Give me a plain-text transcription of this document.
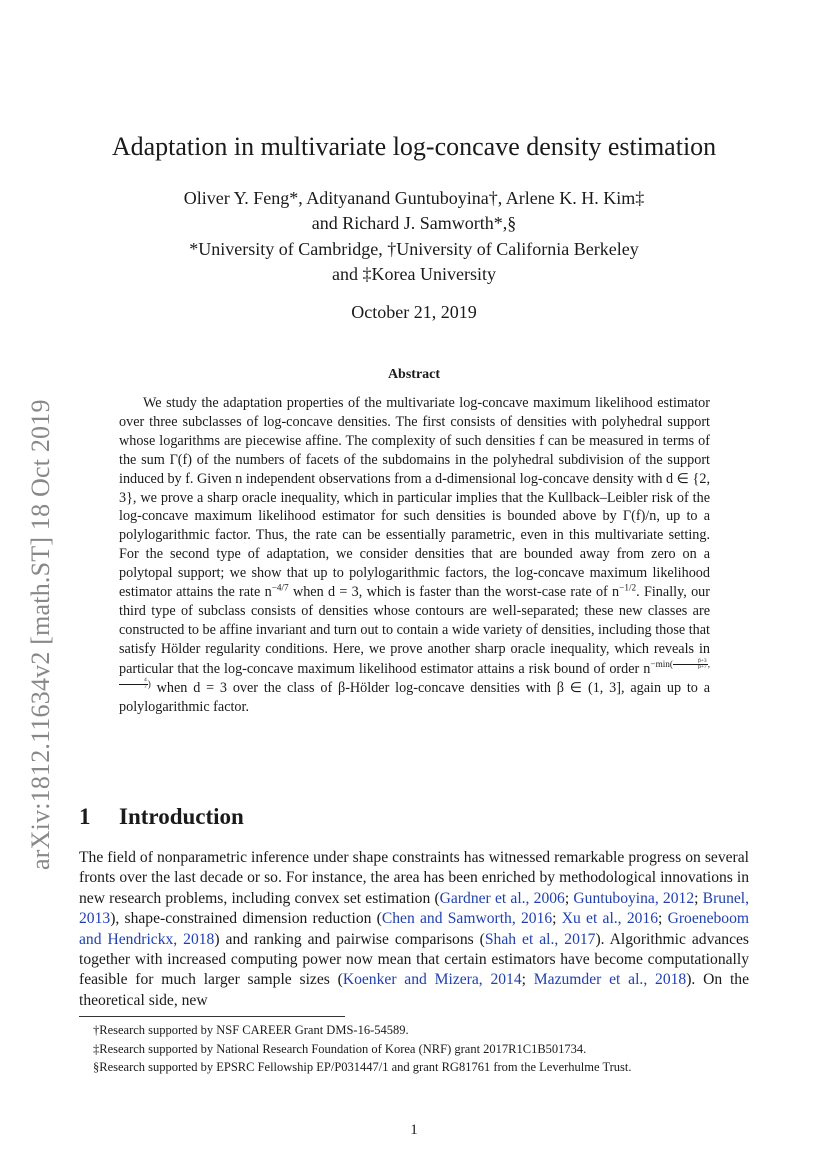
arXiv:1812.11634v2 [math.ST] 18 Oct 2019
Adaptation in multivariate log-concave density estimation
Oliver Y. Feng*, Adityanand Guntuboyina†, Arlene K. H. Kim‡
and Richard J. Samworth*,§
*University of Cambridge, †University of California Berkeley
and ‡Korea University
October 21, 2019
Abstract

We study the adaptation properties of the multivariate log-concave maximum likelihood estimator over three subclasses of log-concave densities. The first consists of densities with polyhedral support whose logarithms are piecewise affine. The complexity of such densities f can be measured in terms of the sum Γ(f) of the numbers of facets of the subdomains in the polyhedral subdivision of the support induced by f. Given n independent observations from a d-dimensional log-concave density with d ∈ {2, 3}, we prove a sharp oracle inequality, which in particular implies that the Kullback–Leibler risk of the log-concave maximum likelihood estimator for such densities is bounded above by Γ(f)/n, up to a polylogarithmic factor. Thus, the rate can be essentially parametric, even in this multivariate setting. For the second type of adaptation, we consider densities that are bounded away from zero on a polytopal support; we show that up to polylogarithmic factors, the log-concave maximum likelihood estimator attains the rate $n^{-4/7}$ when d = 3, which is faster than the worst-case rate of $n^{-1/2}$. Finally, our third type of subclass consists of densities whose contours are well-separated; these new classes are constructed to be affine invariant and turn out to contain a wide variety of densities, including those that satisfy Hölder regularity conditions. Here, we prove another sharp oracle inequality, which reveals in particular that the log-concave maximum likelihood estimator attains a risk bound of order $n^{-min( \frac{\beta+3}{\beta+7} , \frac{4}{7} )}$ when d = 3 over the class of β-Hölder log-concave densities with β ∈ (1, 3], again up to a polylogarithmic factor.

1 Introduction

The field of nonparametric inference under shape constraints has witnessed remarkable progress on several fronts over the last decade or so. For instance, the area has been enriched by methodological innovations in new research problems, including convex set estimation (Gardner et al., 2006; Guntuboyina, 2012; Brunel, 2013), shape-constrained dimension reduction (Chen and Samworth, 2016; Xu et al., 2016; Groeneboom and Hendrickx, 2018) and ranking and pairwise comparisons (Shah et al., 2017). Algorithmic advances together with increased computing power now mean that certain estimators have become computationally feasible for much larger sample sizes (Koenker and Mizera, 2014; Mazumder et al., 2018). On the theoretical side, new

†Research supported by NSF CAREER Grant DMS-16-54589.
‡Research supported by National Research Foundation of Korea (NRF) grant 2017R1C1B501734.
§Research supported by EPSRC Fellowship EP/P031447/1 and grant RG81761 from the Leverhulme Trust.
1
